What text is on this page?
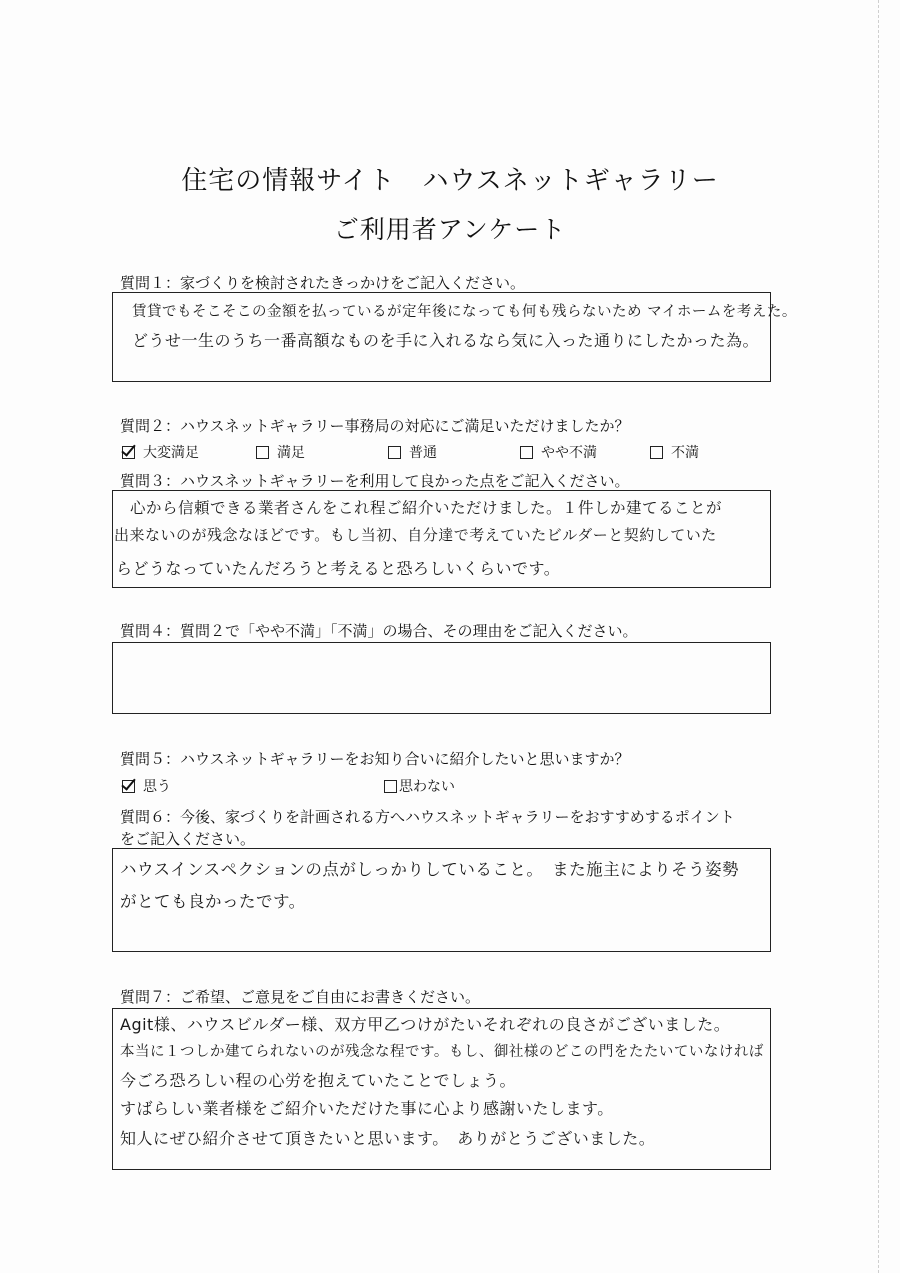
住宅の情報サイト　ハウスネットギャラリー
ご利用者アンケート
質問１：家づくりを検討されたきっかけをご記入ください。
賃貸でもそこそこの金額を払っているが定年後になっても何も残らないため マイホームを考えた。
どうせ一生のうち一番高額なものを手に入れるなら気に入った通りにしたかった為。
質問２：ハウスネットギャラリー事務局の対応にご満足いただけましたか？
大変満足	満足	普通	やや不満	不満
質問３：ハウスネットギャラリーを利用して良かった点をご記入ください。
心から信頼できる業者さんをこれ程ご紹介いただけました。１件しか建てることが
出来ないのが残念なほどです。もし当初、自分達で考えていたビルダーと契約していた
らどうなっていたんだろうと考えると恐ろしいくらいです。
質問４：質問２で「やや不満」「不満」の場合、その理由をご記入ください。
質問５：ハウスネットギャラリーをお知り合いに紹介したいと思いますか？
思う	思わない
質問６：今後、家づくりを計画される方へハウスネットギャラリーをおすすめするポイント
をご記入ください。
ハウスインスペクションの点がしっかりしていること。　また施主によりそう姿勢
がとても良かったです。
質問７：ご希望、ご意見をご自由にお書きください。
Agit様、ハウスビルダー様、双方甲乙つけがたいそれぞれの良さがございました。
本当に１つしか建てられないのが残念な程です。もし、御社様のどこの門をたたいていなければ
今ごろ恐ろしい程の心労を抱えていたことでしょう。
すばらしい業者様をご紹介いただけた事に心より感謝いたします。
知人にぜひ紹介させて頂きたいと思います。　ありがとうございました。
